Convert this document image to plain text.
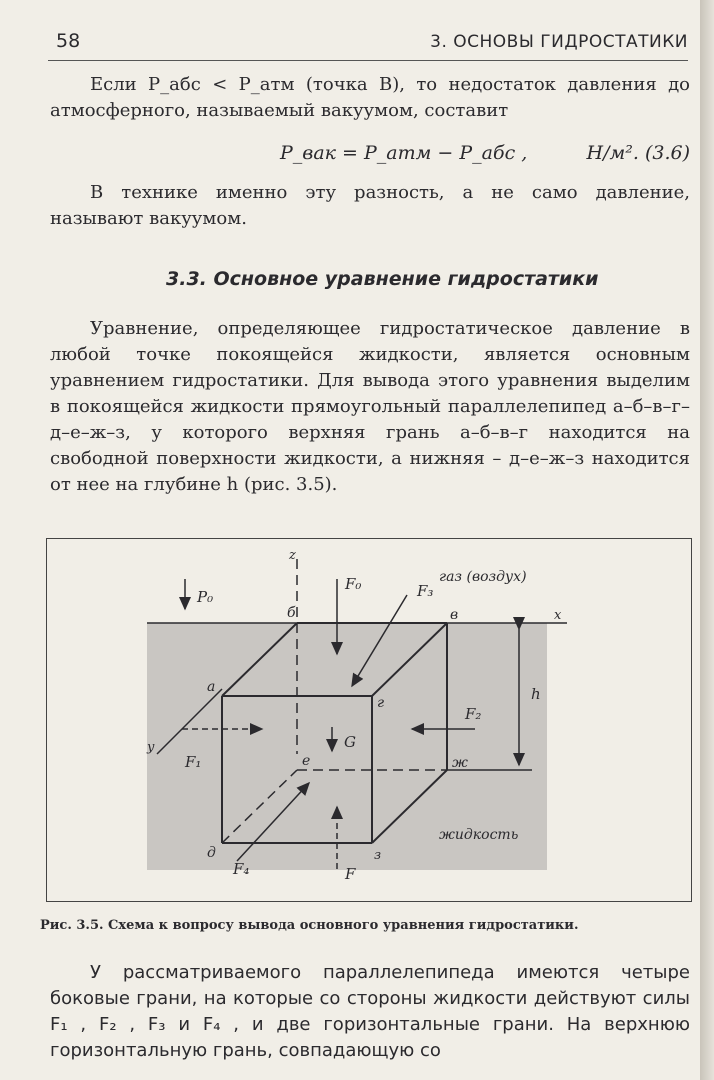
58	3. ОСНОВЫ ГИДРОСТАТИКИ
Если P_абс < P_атм (точка В), то недостаток давления до атмосферного, называемый вакуумом, составит
P_вак = P_атм − P_абс ,	Н/м². (3.6)
В технике именно эту разность, а не само давление, называют вакуумом.
3.3. Основное уравнение гидростатики
Уравнение, определяющее гидростатическое давление в любой точке покоящейся жидкости, является основным уравнением гидростатики. Для вывода этого уравнения выделим в покоящейся жидкости прямоугольный параллелепипед а–б–в–г–д–е–ж–з, у которого верхняя грань а–б–в–г находится на свободной поверхности жидкости, а нижняя – д–е–ж–з находится от нее на глубине h (рис. 3.5).
z
x
y
P₀
F₀	F₃
F₁
F₂
G
F
F₄
h
а
б	в
г
д
е	ж
з
газ (воздух)
жидкость
Рис. 3.5. Схема к вопросу вывода основного уравнения гидростатики.
У рассматриваемого параллелепипеда имеются четыре боковые грани, на которые со стороны жидкости действуют силы F₁ , F₂ , F₃ и F₄ , и две горизонтальные грани. На верхнюю горизонтальную грань, совпадающую со
